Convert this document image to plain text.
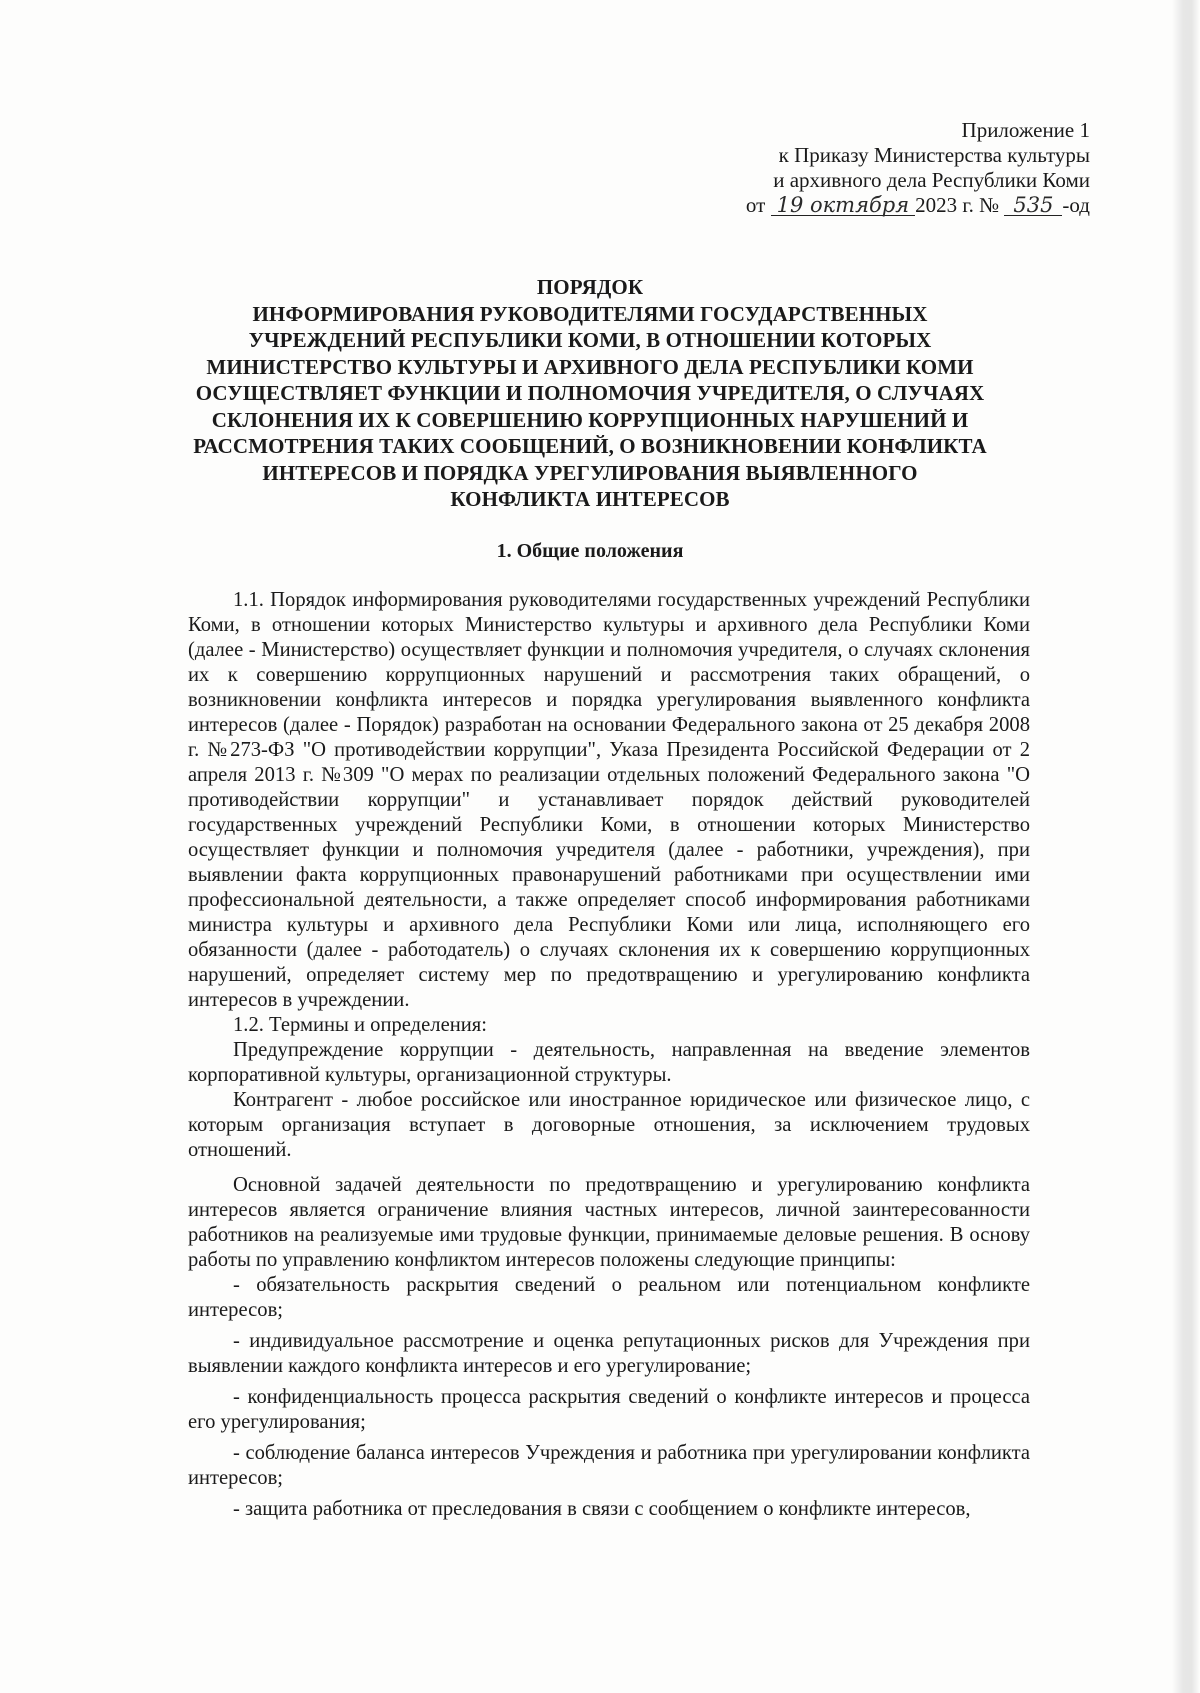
Приложение 1
к Приказу Министерства культуры
и архивного дела Республики Коми
от 19 октября 2023 г. № 535 -од
ПОРЯДОК
ИНФОРМИРОВАНИЯ РУКОВОДИТЕЛЯМИ ГОСУДАРСТВЕННЫХ
УЧРЕЖДЕНИЙ РЕСПУБЛИКИ КОМИ, В ОТНОШЕНИИ КОТОРЫХ
МИНИСТЕРСТВО КУЛЬТУРЫ И АРХИВНОГО ДЕЛА РЕСПУБЛИКИ КОМИ
ОСУЩЕСТВЛЯЕТ ФУНКЦИИ И ПОЛНОМОЧИЯ УЧРЕДИТЕЛЯ, О СЛУЧАЯХ
СКЛОНЕНИЯ ИХ К СОВЕРШЕНИЮ КОРРУПЦИОННЫХ НАРУШЕНИЙ И
РАССМОТРЕНИЯ ТАКИХ СООБЩЕНИЙ, О ВОЗНИКНОВЕНИИ КОНФЛИКТА
ИНТЕРЕСОВ И ПОРЯДКА УРЕГУЛИРОВАНИЯ ВЫЯВЛЕННОГО
КОНФЛИКТА ИНТЕРЕСОВ
1. Общие положения

1.1. Порядок информирования руководителями государственных учреждений Республики Коми, в отношении которых Министерство культуры и архивного дела Республики Коми (далее - Министерство) осуществляет функции и полномочия учредителя, о случаях склонения их к совершению коррупционных нарушений и рассмотрения таких обращений, о возникновении конфликта интересов и порядка урегулирования выявленного конфликта интересов (далее - Порядок) разработан на основании Федерального закона от 25 декабря 2008 г. №273-ФЗ "О противодействии коррупции", Указа Президента Российской Федерации от 2 апреля 2013 г. №309 "О мерах по реализации отдельных положений Федерального закона "О противодействии коррупции" и устанавливает порядок действий руководителей государственных учреждений Республики Коми, в отношении которых Министерство осуществляет функции и полномочия учредителя (далее - работники, учреждения), при выявлении факта коррупционных правонарушений работниками при осуществлении ими профессиональной деятельности, а также определяет способ информирования работниками министра культуры и архивного дела Республики Коми или лица, исполняющего его обязанности (далее - работодатель) о случаях склонения их к совершению коррупционных нарушений, определяет систему мер по предотвращению и урегулированию конфликта интересов в учреждении.

1.2. Термины и определения:

Предупреждение коррупции - деятельность, направленная на введение элементов корпоративной культуры, организационной структуры.

Контрагент - любое российское или иностранное юридическое или физическое лицо, с которым организация вступает в договорные отношения, за исключением трудовых отношений.

Основной задачей деятельности по предотвращению и урегулированию конфликта интересов является ограничение влияния частных интересов, личной заинтересованности работников на реализуемые ими трудовые функции, принимаемые деловые решения. В основу работы по управлению конфликтом интересов положены следующие принципы:

- обязательность раскрытия сведений о реальном или потенциальном конфликте интересов;

- индивидуальное рассмотрение и оценка репутационных рисков для Учреждения при выявлении каждого конфликта интересов и его урегулирование;

- конфиденциальность процесса раскрытия сведений о конфликте интересов и процесса его урегулирования;

- соблюдение баланса интересов Учреждения и работника при урегулировании конфликта интересов;

- защита работника от преследования в связи с сообщением о конфликте интересов,
